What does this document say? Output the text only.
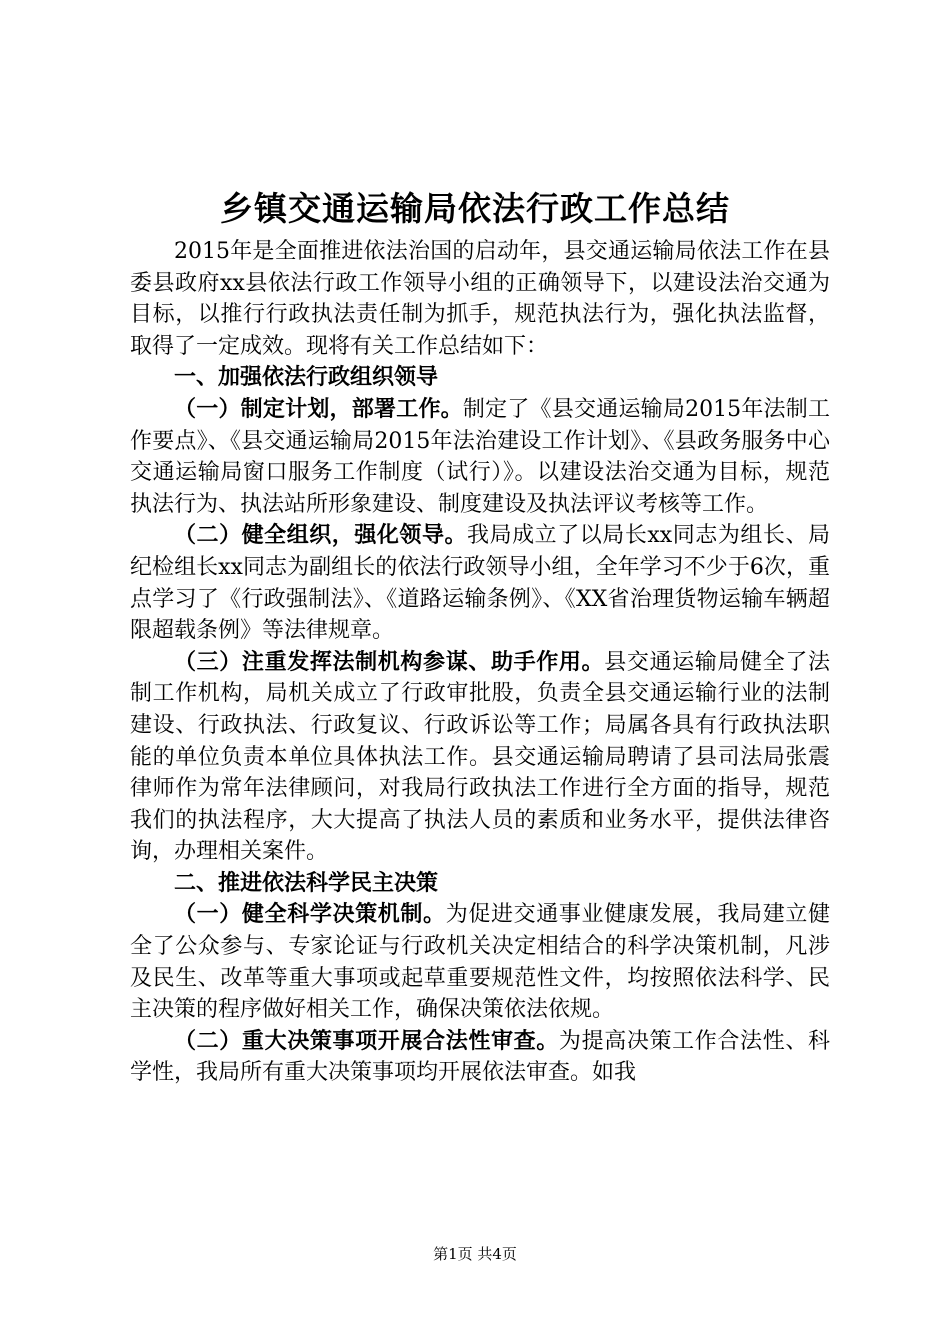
乡镇交通运输局依法行政工作总结

2015年是全面推进依法治国的启动年，县交通运输局依法工作在县委县政府xx县依法行政工作领导小组的正确领导下，以建设法治交通为目标，以推行行政执法责任制为抓手，规范执法行为，强化执法监督，取得了一定成效。现将有关工作总结如下：

一、加强依法行政组织领导

（一）制定计划，部署工作。制定了《县交通运输局2015年法制工作要点》、《县交通运输局2015年法治建设工作计划》、《县政务服务中心交通运输局窗口服务工作制度（试行）》。以建设法治交通为目标，规范执法行为、执法站所形象建设、制度建设及执法评议考核等工作。

（二）健全组织，强化领导。我局成立了以局长xx同志为组长、局纪检组长xx同志为副组长的依法行政领导小组，全年学习不少于6次，重点学习了《行政强制法》、《道路运输条例》、《XX省治理货物运输车辆超限超载条例》等法律规章。

（三）注重发挥法制机构参谋、助手作用。县交通运输局健全了法制工作机构，局机关成立了行政审批股，负责全县交通运输行业的法制建设、行政执法、行政复议、行政诉讼等工作；局属各具有行政执法职能的单位负责本单位具体执法工作。县交通运输局聘请了县司法局张震律师作为常年法律顾问，对我局行政执法工作进行全方面的指导，规范我们的执法程序，大大提高了执法人员的素质和业务水平，提供法律咨询，办理相关案件。

二、推进依法科学民主决策

（一）健全科学决策机制。为促进交通事业健康发展，我局建立健全了公众参与、专家论证与行政机关决定相结合的科学决策机制，凡涉及民生、改革等重大事项或起草重要规范性文件，均按照依法科学、民主决策的程序做好相关工作，确保决策依法依规。

（二）重大决策事项开展合法性审查。为提高决策工作合法性、科学性，我局所有重大决策事项均开展依法审查。如我

第1页 共4页
